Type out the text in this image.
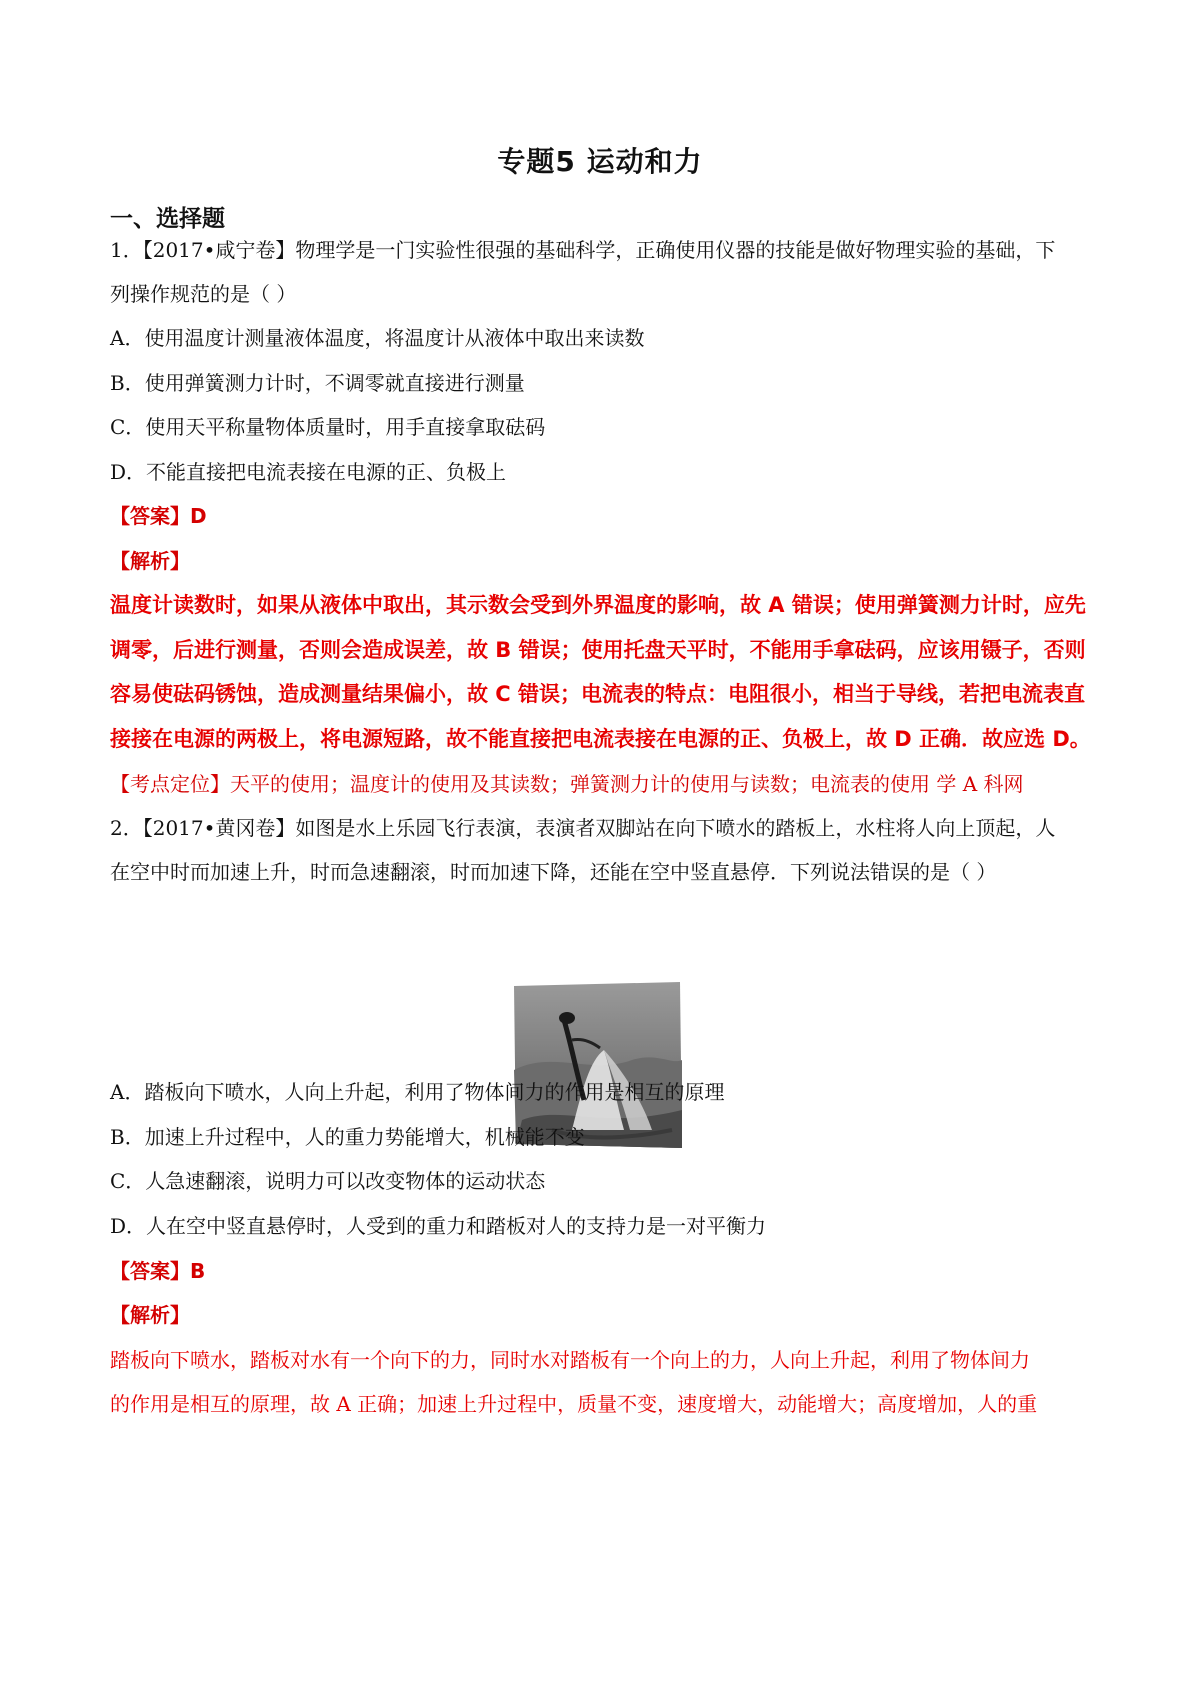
专题5 运动和力
一、选择题
1．【2017•咸宁卷】物理学是一门实验性很强的基础科学，正确使用仪器的技能是做好物理实验的基础，下
列操作规范的是（ ）
A．使用温度计测量液体温度，将温度计从液体中取出来读数
B．使用弹簧测力计时，不调零就直接进行测量
C．使用天平称量物体质量时，用手直接拿取砝码
D．不能直接把电流表接在电源的正、负极上
【答案】D
【解析】
温度计读数时，如果从液体中取出，其示数会受到外界温度的影响，故 A 错误；使用弹簧测力计时，应先
调零，后进行测量，否则会造成误差，故 B 错误；使用托盘天平时，不能用手拿砝码，应该用镊子，否则
容易使砝码锈蚀，造成测量结果偏小，故 C 错误；电流表的特点：电阻很小，相当于导线，若把电流表直
接接在电源的两极上，将电源短路，故不能直接把电流表接在电源的正、负极上，故 D 正确．故应选 D。
【考点定位】天平的使用；温度计的使用及其读数；弹簧测力计的使用与读数；电流表的使用 学 A 科网
2．【2017•黄冈卷】如图是水上乐园飞行表演，表演者双脚站在向下喷水的踏板上，水柱将人向上顶起，人
在空中时而加速上升，时而急速翻滚，时而加速下降，还能在空中竖直悬停．下列说法错误的是（ ）
A．踏板向下喷水，人向上升起，利用了物体间力的作用是相互的原理
B．加速上升过程中，人的重力势能增大，机械能不变
C．人急速翻滚，说明力可以改变物体的运动状态
D．人在空中竖直悬停时，人受到的重力和踏板对人的支持力是一对平衡力
【答案】B
【解析】
踏板向下喷水，踏板对水有一个向下的力，同时水对踏板有一个向上的力，人向上升起，利用了物体间力
的作用是相互的原理，故 A 正确；加速上升过程中，质量不变，速度增大，动能增大；高度增加，人的重
